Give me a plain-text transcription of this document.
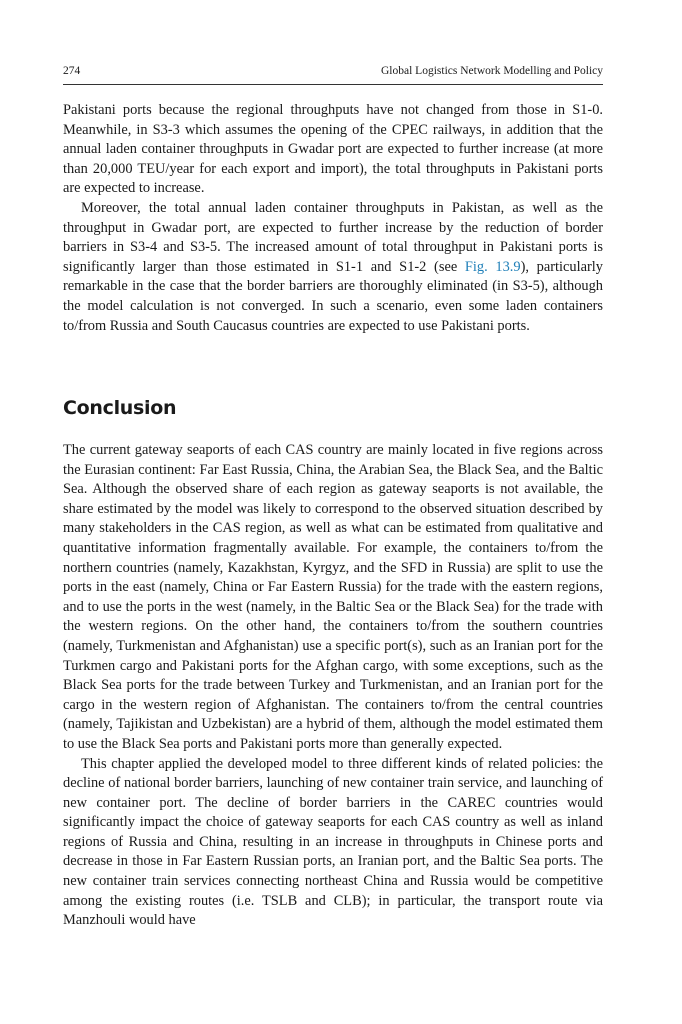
274	Global Logistics Network Modelling and Policy

Pakistani ports because the regional throughputs have not changed from those in S1-0. Meanwhile, in S3-3 which assumes the opening of the CPEC railways, in addition that the annual laden container throughputs in Gwadar port are expected to further increase (at more than 20,000 TEU/year for each export and import), the total throughputs in Pakistani ports are expected to increase.

Moreover, the total annual laden container throughputs in Pakistan, as well as the throughput in Gwadar port, are expected to further increase by the reduction of border barriers in S3-4 and S3-5. The increased amount of total throughput in Pakistani ports is significantly larger than those estimated in S1-1 and S1-2 (see Fig. 13.9), particularly remarkable in the case that the border barriers are thoroughly eliminated (in S3-5), although the model calculation is not converged. In such a scenario, even some laden containers to/from Russia and South Caucasus countries are expected to use Pakistani ports.

Conclusion

The current gateway seaports of each CAS country are mainly located in five regions across the Eurasian continent: Far East Russia, China, the Arabian Sea, the Black Sea, and the Baltic Sea. Although the observed share of each region as gateway seaports is not available, the share estimated by the model was likely to correspond to the observed situation described by many stakeholders in the CAS region, as well as what can be estimated from qualitative and quantitative information fragmentally available. For example, the containers to/from the northern countries (namely, Kazakhstan, Kyrgyz, and the SFD in Russia) are split to use the ports in the east (namely, China or Far Eastern Russia) for the trade with the eastern regions, and to use the ports in the west (namely, in the Baltic Sea or the Black Sea) for the trade with the western regions. On the other hand, the containers to/from the southern countries (namely, Turkmenistan and Afghanistan) use a specific port(s), such as an Iranian port for the Turkmen cargo and Pakistani ports for the Afghan cargo, with some exceptions, such as the Black Sea ports for the trade between Turkey and Turkmenistan, and an Iranian port for the cargo in the western region of Afghanistan. The containers to/from the central countries (namely, Tajikistan and Uzbekistan) are a hybrid of them, although the model estimated them to use the Black Sea ports and Pakistani ports more than generally expected.

This chapter applied the developed model to three different kinds of related policies: the decline of national border barriers, launching of new container train service, and launching of new container port. The decline of border barriers in the CAREC countries would significantly impact the choice of gateway seaports for each CAS country as well as inland regions of Russia and China, resulting in an increase in throughputs in Chinese ports and decrease in those in Far Eastern Russian ports, an Iranian port, and the Baltic Sea ports. The new container train services connecting northeast China and Russia would be competitive among the existing routes (i.e. TSLB and CLB); in particular, the transport route via Manzhouli would have
